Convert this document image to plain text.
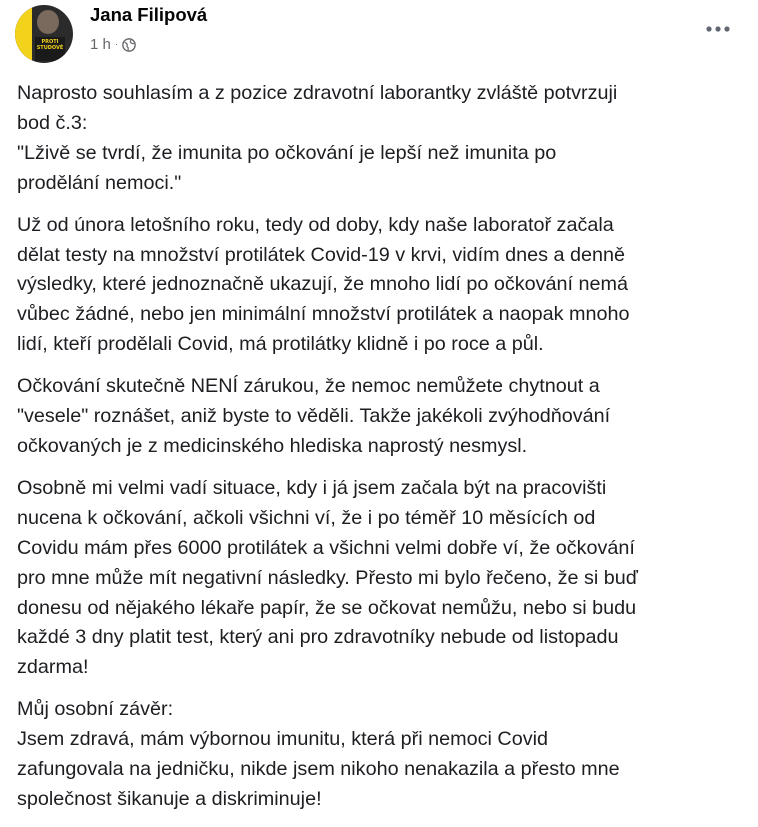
PROTI STUDOVÉ
Jana Filipová
1 h ·

Naprosto souhlasím a z pozice zdravotní laborantky zvláště potvrzuji
bod č.3:
"Lživě se tvrdí, že imunita po očkování je lepší než imunita po
prodělání nemoci."

Už od února letošního roku, tedy od doby, kdy naše laboratoř začala
dělat testy na množství protilátek Covid-19 v krvi, vidím dnes a denně
výsledky, které jednoznačně ukazují, že mnoho lidí po očkování nemá
vůbec žádné, nebo jen minimální množství protilátek a naopak mnoho
lidí, kteří prodělali Covid, má protilátky klidně i po roce a půl.

Očkování skutečně NENÍ zárukou, že nemoc nemůžete chytnout a
"vesele" roznášet, aniž byste to věděli. Takže jakékoli zvýhodňování
očkovaných je z medicinského hlediska naprostý nesmysl.

Osobně mi velmi vadí situace, kdy i já jsem začala být na pracovišti
nucena k očkování, ačkoli všichni ví, že i po téměř 10 měsících od
Covidu mám přes 6000 protilátek a všichni velmi dobře ví, že očkování
pro mne může mít negativní následky. Přesto mi bylo řečeno, že si buď
donesu od nějakého lékaře papír, že se očkovat nemůžu, nebo si budu
každé 3 dny platit test, který ani pro zdravotníky nebude od listopadu
zdarma!

Můj osobní závěr:
Jsem zdravá, mám výbornou imunitu, která při nemoci Covid
zafungovala na jedničku, nikde jsem nikoho nenakazila a přesto mne
společnost šikanuje a diskriminuje!
